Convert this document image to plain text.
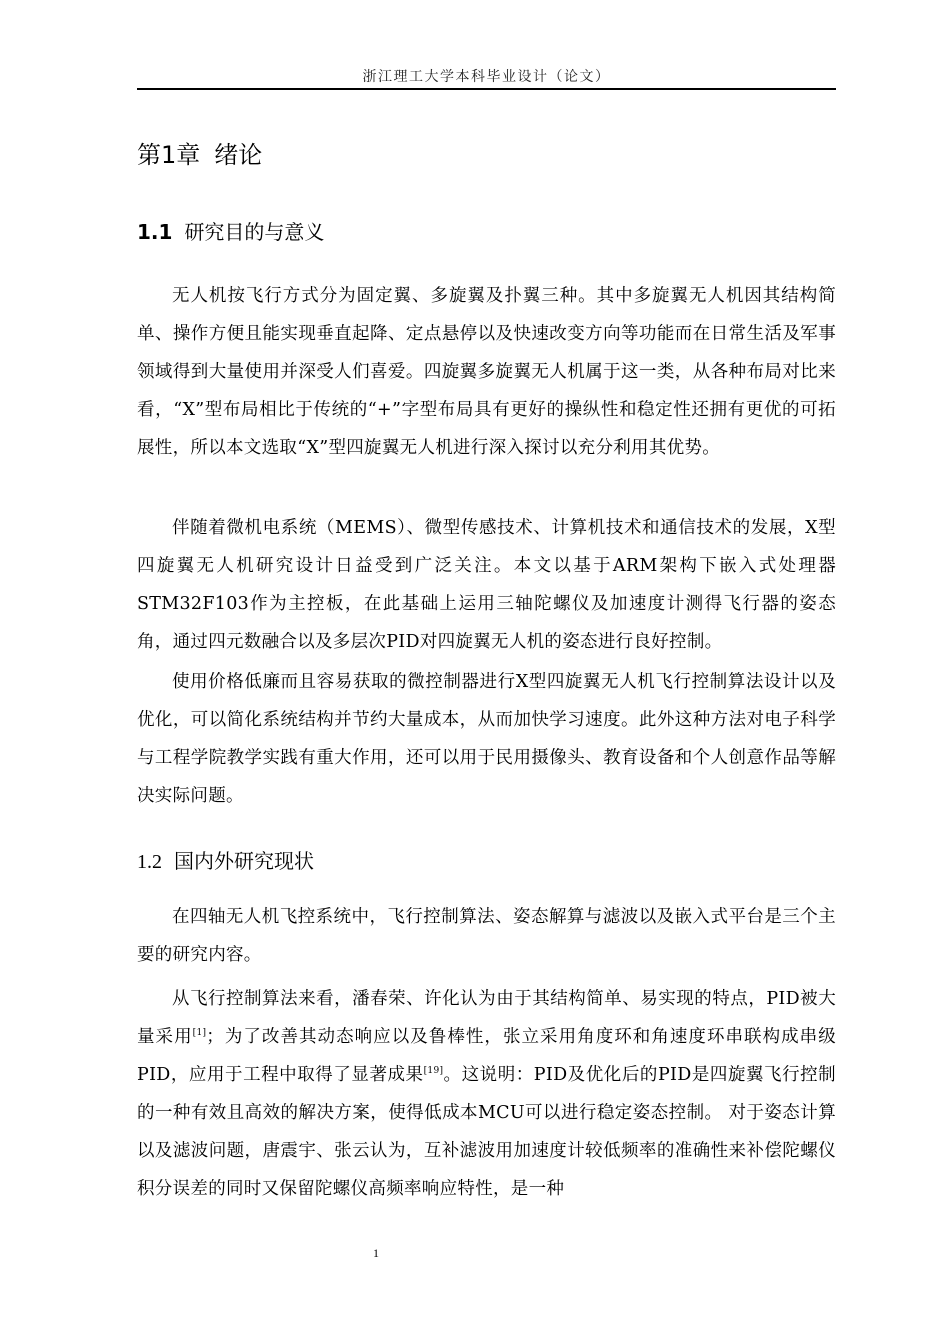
浙江理工大学本科毕业设计（论文）
第1章 绪论
1.1 研究目的与意义

无人机按飞行方式分为固定翼、多旋翼及扑翼三种。其中多旋翼无人机因其结构简单、操作方便且能实现垂直起降、定点悬停以及快速改变方向等功能而在日常生活及军事领域得到大量使用并深受人们喜爱。四旋翼多旋翼无人机属于这一类，从各种布局对比来看，“X”型布局相比于传统的“+”字型布局具有更好的操纵性和稳定性还拥有更优的可拓展性，所以本文选取“X”型四旋翼无人机进行深入探讨以充分利用其优势。

伴随着微机电系统（MEMS）、微型传感技术、计算机技术和通信技术的发展，X型四旋翼无人机研究设计日益受到广泛关注。本文以基于ARM架构下嵌入式处理器STM32F103作为主控板，在此基础上运用三轴陀螺仪及加速度计测得飞行器的姿态角，通过四元数融合以及多层次PID对四旋翼无人机的姿态进行良好控制。

使用价格低廉而且容易获取的微控制器进行X型四旋翼无人机飞行控制算法设计以及优化，可以简化系统结构并节约大量成本，从而加快学习速度。此外这种方法对电子科学与工程学院教学实践有重大作用，还可以用于民用摄像头、教育设备和个人创意作品等解决实际问题。

1.2 国内外研究现状

在四轴无人机飞控系统中，飞行控制算法、姿态解算与滤波以及嵌入式平台是三个主要的研究内容。

从飞行控制算法来看，潘春荣、许化认为由于其结构简单、易实现的特点，PID被大量采用[1]；为了改善其动态响应以及鲁棒性，张立采用角度环和角速度环串联构成串级PID，应用于工程中取得了显著成果[19]。这说明：PID及优化后的PID是四旋翼飞行控制的一种有效且高效的解决方案，使得低成本MCU可以进行稳定姿态控制。 对于姿态计算以及滤波问题，唐震宇、张云认为，互补滤波用加速度计较低频率的准确性来补偿陀螺仪积分误差的同时又保留陀螺仪高频率响应特性，是一种

1
